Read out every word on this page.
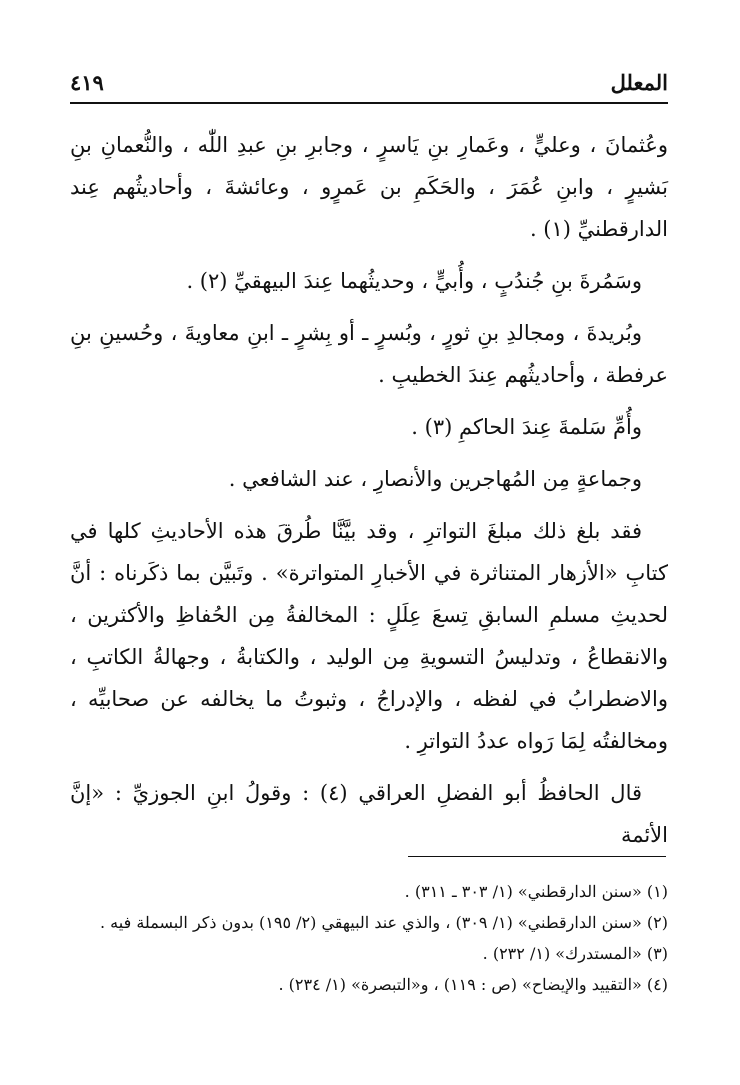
المعلل
٤١٩

وعُثمانَ ، وعليٍّ ، وعَمارِ بنِ يَاسرٍ ، وجابرِ بنِ عبدِ اللّٰه ، والنُّعمانِ بنِ بَشيرٍ ، وابنِ عُمَرَ ، والحَكَمِ بن عَمرٍو ، وعائشةَ ، وأحاديثُهم عِند الدارقطنيِّ (١) .

وسَمُرةَ بنِ جُندُبٍ ، وأُبيٍّ ، وحديثُهما عِندَ البيهقيِّ (٢) .

وبُريدةَ ، ومجالدِ بنِ ثورٍ ، وبُسرٍ ـ أو بِشرٍ ـ ابنِ معاويةَ ، وحُسينِ بنِ عرفطة ، وأحاديثُهم عِندَ الخطيبِ .

وأُمِّ سَلمةَ عِندَ الحاكمِ (٣) .

وجماعةٍ مِن المُهاجرين والأنصارِ ، عند الشافعي .

فقد بلغ ذلك مبلغَ التواترِ ، وقد بيَّنَّا طُرقَ هذه الأحاديثِ كلها في كتابِ «الأزهار المتناثرة في الأخبارِ المتواترة» . وتَبيَّن بما ذكَرناه : أنَّ لحديثِ مسلمِ السابقِ تِسعَ عِلَلٍ : المخالفةُ مِن الحُفاظِ والأكثرين ، والانقطاعُ ، وتدليسُ التسويةِ مِن الوليد ، والكتابةُ ، وجهالةُ الكاتبِ ، والاضطرابُ في لفظه ، والإدراجُ ، وثبوتُ ما يخالفه عن صحابيِّه ، ومخالفتُه لِمَا رَواه عددُ التواترِ .

قال الحافظُ أبو الفضلِ العراقي (٤) : وقولُ ابنِ الجوزيِّ : «إنَّ الأئمة

(١) «سنن الدارقطني» (١/ ٣٠٣ ـ ٣١١) .

(٢) «سنن الدارقطني» (١/ ٣٠٩) ، والذي عند البيهقي (٢/ ١٩٥) بدون ذكر البسملة فيه .

(٣) «المستدرك» (١/ ٢٣٢) .

(٤) «التقييد والإيضاح» (ص : ١١٩) ، و«التبصرة» (١/ ٢٣٤) .
